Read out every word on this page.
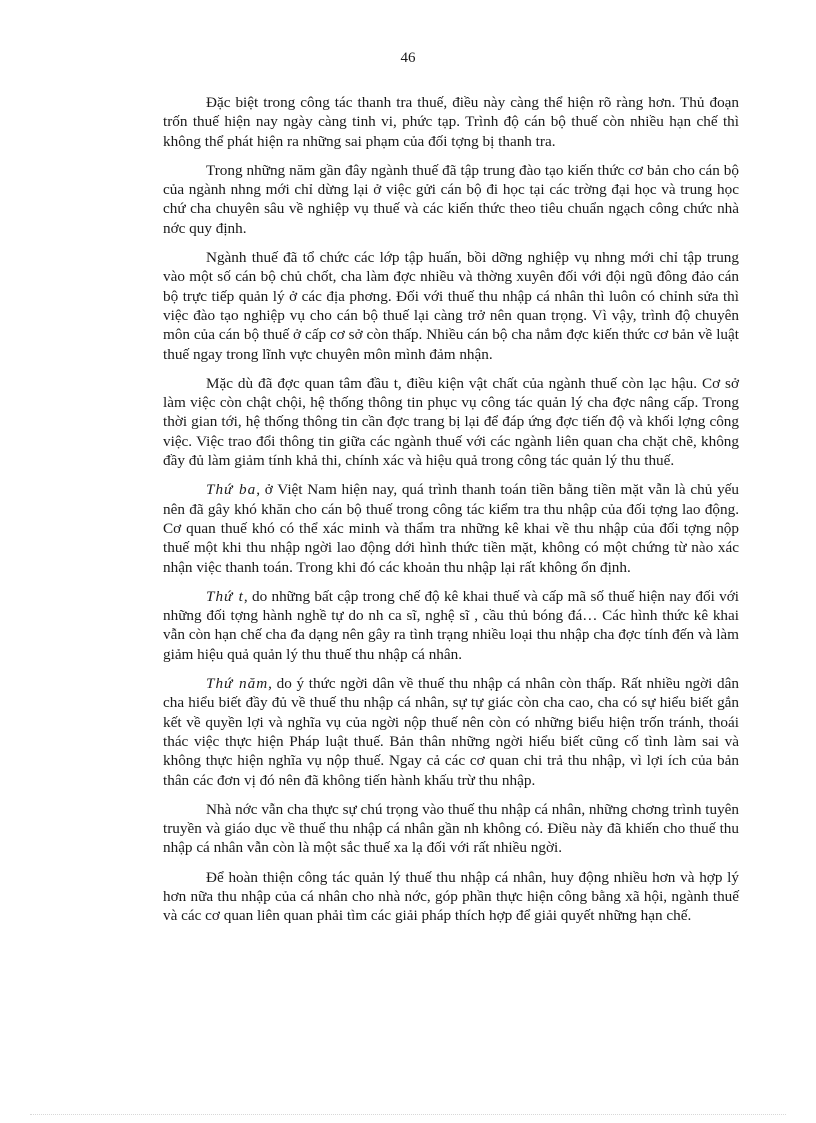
46

Đặc biệt trong công tác thanh tra thuế, điều này càng thể hiện rõ ràng hơn. Thủ đoạn trốn thuế hiện nay ngày càng tinh vi, phức tạp. Trình độ cán bộ thuế còn nhiều hạn chế thì không thể phát hiện ra những sai phạm của đối tợng bị thanh tra.

Trong những năm gần đây ngành thuế đã tập trung đào tạo kiến thức cơ bản cho cán bộ của ngành nhng mới chỉ dừng lại ở việc gửi cán bộ đi học tại các trờng đại học và trung học chứ cha chuyên sâu về nghiệp vụ thuế và các kiến thức theo tiêu chuẩn ngạch công chức nhà nớc quy định.

Ngành thuế đã tổ chức các lớp tập huấn, bồi dỡng nghiệp vụ nhng mới chỉ tập trung vào một số cán bộ chủ chốt, cha làm đợc nhiều và thờng xuyên đối với đội ngũ đông đảo cán bộ trực tiếp quản lý ở các địa phơng. Đối với thuế thu nhập cá nhân thì luôn có chỉnh sửa thì việc đào tạo nghiệp vụ cho cán bộ thuế lại càng trở nên quan trọng. Vì vậy, trình độ chuyên môn của cán bộ thuế ở cấp cơ sở còn thấp. Nhiều cán bộ cha nắm đợc kiến thức cơ bản về luật thuế ngay trong lĩnh vực chuyên môn mình đảm nhận.

Mặc dù đã đợc quan tâm đầu t, điều kiện vật chất của ngành thuế còn lạc hậu. Cơ sở làm việc còn chật chội, hệ thống thông tin phục vụ công tác quản lý cha đợc nâng cấp. Trong thời gian tới, hệ thống thông tin cần đợc trang bị lại để đáp ứng đợc tiến độ và khối lợng công việc. Việc trao đổi thông tin giữa các ngành thuế với các ngành liên quan cha chặt chẽ, không đầy đủ làm giảm tính khả thi, chính xác và hiệu quả trong công tác quản lý thu thuế.

Thứ ba, ở Việt Nam hiện nay, quá trình thanh toán tiền bằng tiền mặt vẫn là chủ yếu nên đã gây khó khăn cho cán bộ thuế trong công tác kiểm tra thu nhập của đối tợng lao động. Cơ quan thuế khó có thể xác minh và thẩm tra những kê khai về thu nhập của đối tợng nộp thuế một khi thu nhập ngời lao động dới hình thức tiền mặt, không có một chứng từ nào xác nhận việc thanh toán. Trong khi đó các khoản thu nhập lại rất không ổn định.

Thứ t, do những bất cập trong chế độ kê khai thuế và cấp mã số thuế hiện nay đối với những đối tợng hành nghề tự do nh ca sĩ, nghệ sĩ , cầu thủ bóng đá… Các hình thức kê khai vẫn còn hạn chế cha đa dạng nên gây ra tình trạng nhiều loại thu nhập cha đợc tính đến và làm giảm hiệu quả quản lý thu thuế thu nhập cá nhân.

Thứ năm, do ý thức ngời dân về thuế thu nhập cá nhân còn thấp. Rất nhiều ngời dân cha hiểu biết đầy đủ về thuế thu nhập cá nhân, sự tự giác còn cha cao, cha có sự hiểu biết gắn kết về quyền lợi và nghĩa vụ của ngời nộp thuế nên còn có những biểu hiện trốn tránh, thoái thác việc thực hiện Pháp luật thuế. Bản thân những ngời hiểu biết cũng cố tình làm sai và không thực hiện nghĩa vụ nộp thuế. Ngay cả các cơ quan chi trả thu nhập, vì lợi ích của bản thân các đơn vị đó nên đã không tiến hành khấu trừ thu nhập.

Nhà nớc vẫn cha thực sự chú trọng vào thuế thu nhập cá nhân, những chơng trình tuyên truyền và giáo dục về thuế thu nhập cá nhân gần nh không có. Điều này đã khiến cho thuế thu nhập cá nhân vẫn còn là một sắc thuế xa lạ đối với rất nhiều ngời.

Để hoàn thiện công tác quản lý thuế thu nhập cá nhân, huy động nhiều hơn và hợp lý hơn nữa thu nhập của cá nhân cho nhà nớc, góp phần thực hiện công bằng xã hội, ngành thuế và các cơ quan liên quan phải tìm các giải pháp thích hợp để giải quyết những hạn chế.
